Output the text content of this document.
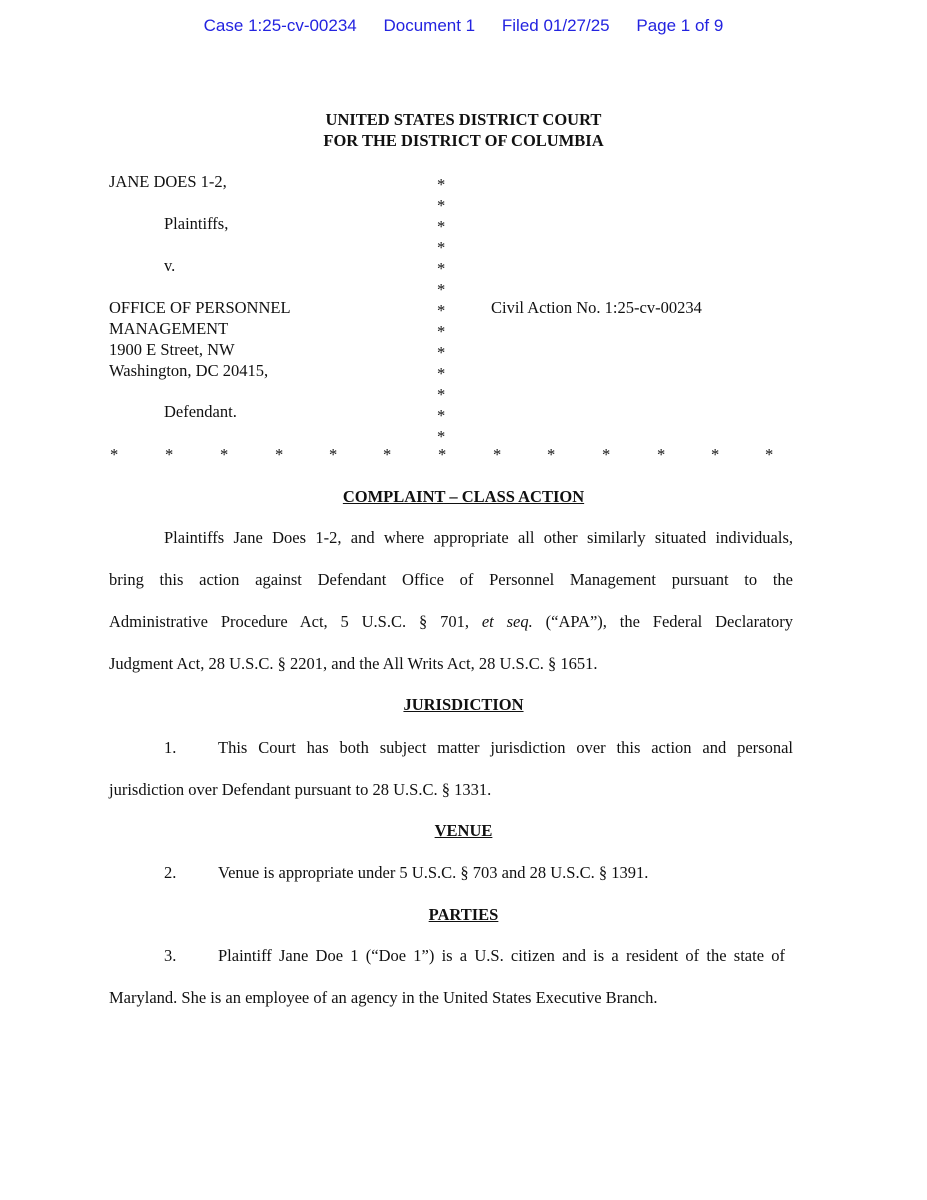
Case 1:25-cv-00234 Document 1 Filed 01/27/25 Page 1 of 9
UNITED STATES DISTRICT COURT
FOR THE DISTRICT OF COLUMBIA
JANE DOES 1-2,
Plaintiffs,
v.
OFFICE OF PERSONNEL
MANAGEMENT
1900 E Street, NW
Washington, DC 20415,
Defendant.
Civil Action No. 1:25-cv-00234
*
*
*
*
*
*
*
*
*
*
*
*
*
*	*	*	*	*	*	*	*	*	*	*	*	*
COMPLAINT – CLASS ACTION
Plaintiffs Jane Does 1-2, and where appropriate all other similarly situated individuals,
bring this action against Defendant Office of Personnel Management pursuant to the
Administrative Procedure Act, 5 U.S.C. § 701, et seq. (“APA”), the Federal Declaratory
Judgment Act, 28 U.S.C. § 2201, and the All Writs Act, 28 U.S.C. § 1651.
JURISDICTION
1.	This Court has both subject matter jurisdiction over this action and personal
jurisdiction over Defendant pursuant to 28 U.S.C. § 1331.
VENUE
2.	Venue is appropriate under 5 U.S.C. § 703 and 28 U.S.C. § 1391.
PARTIES
3.	Plaintiff Jane Doe 1 (“Doe 1”) is a U.S. citizen and is a resident of the state of
Maryland. She is an employee of an agency in the United States Executive Branch.
